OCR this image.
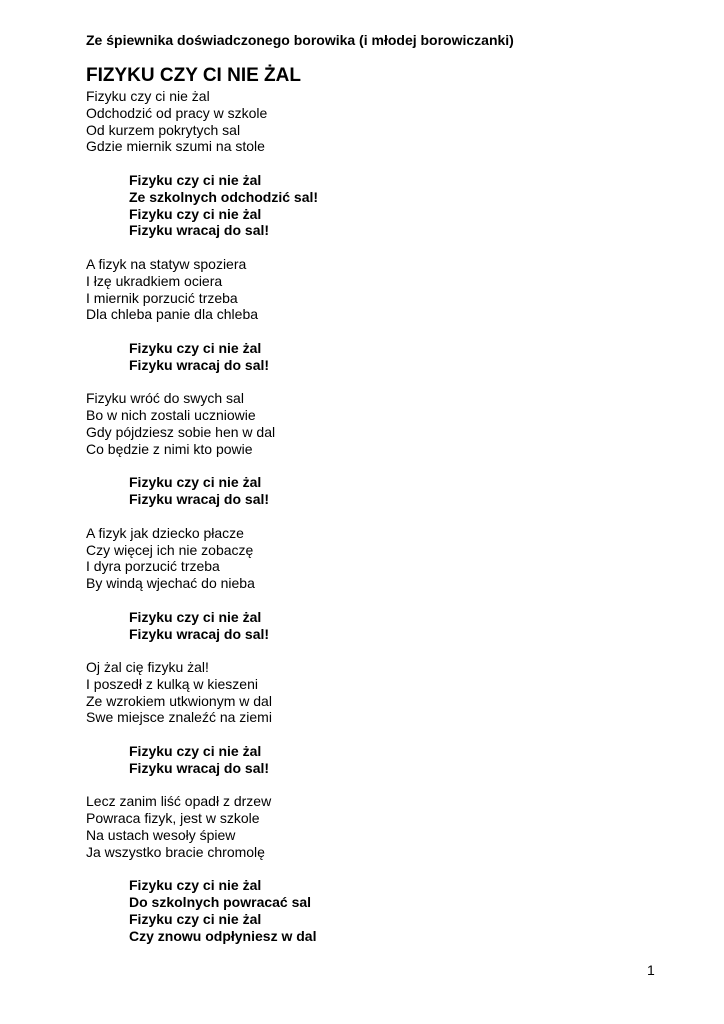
Ze śpiewnika doświadczonego borowika (i młodej borowiczanki)
FIZYKU CZY CI NIE ŻAL
Fizyku czy ci nie żal
Odchodzić od pracy w szkole
Od kurzem pokrytych sal
Gdzie miernik szumi na stole
Fizyku czy ci nie żal
Ze szkolnych odchodzić sal!
Fizyku czy ci nie żal
Fizyku wracaj do sal!
A fizyk na statyw spoziera
I łzę ukradkiem ociera
I miernik porzucić trzeba
Dla chleba panie dla chleba
Fizyku czy ci nie żal
Fizyku wracaj do sal!
Fizyku wróć do swych sal
Bo w nich zostali uczniowie
Gdy pójdziesz sobie hen w dal
Co będzie z nimi kto powie
Fizyku czy ci nie żal
Fizyku wracaj do sal!
A fizyk jak dziecko płacze
Czy więcej ich nie zobaczę
I dyra porzucić trzeba
By windą wjechać do nieba
Fizyku czy ci nie żal
Fizyku wracaj do sal!
Oj żal cię fizyku żal!
I poszedł z kulką w kieszeni
Ze wzrokiem utkwionym w dal
Swe miejsce znaleźć na ziemi
Fizyku czy ci nie żal
Fizyku wracaj do sal!
Lecz zanim liść opadł z drzew
Powraca fizyk, jest w szkole
Na ustach wesoły śpiew
Ja wszystko bracie chromolę
Fizyku czy ci nie żal
Do szkolnych powracać sal
Fizyku czy ci nie żal
Czy znowu odpłyniesz w dal
1
